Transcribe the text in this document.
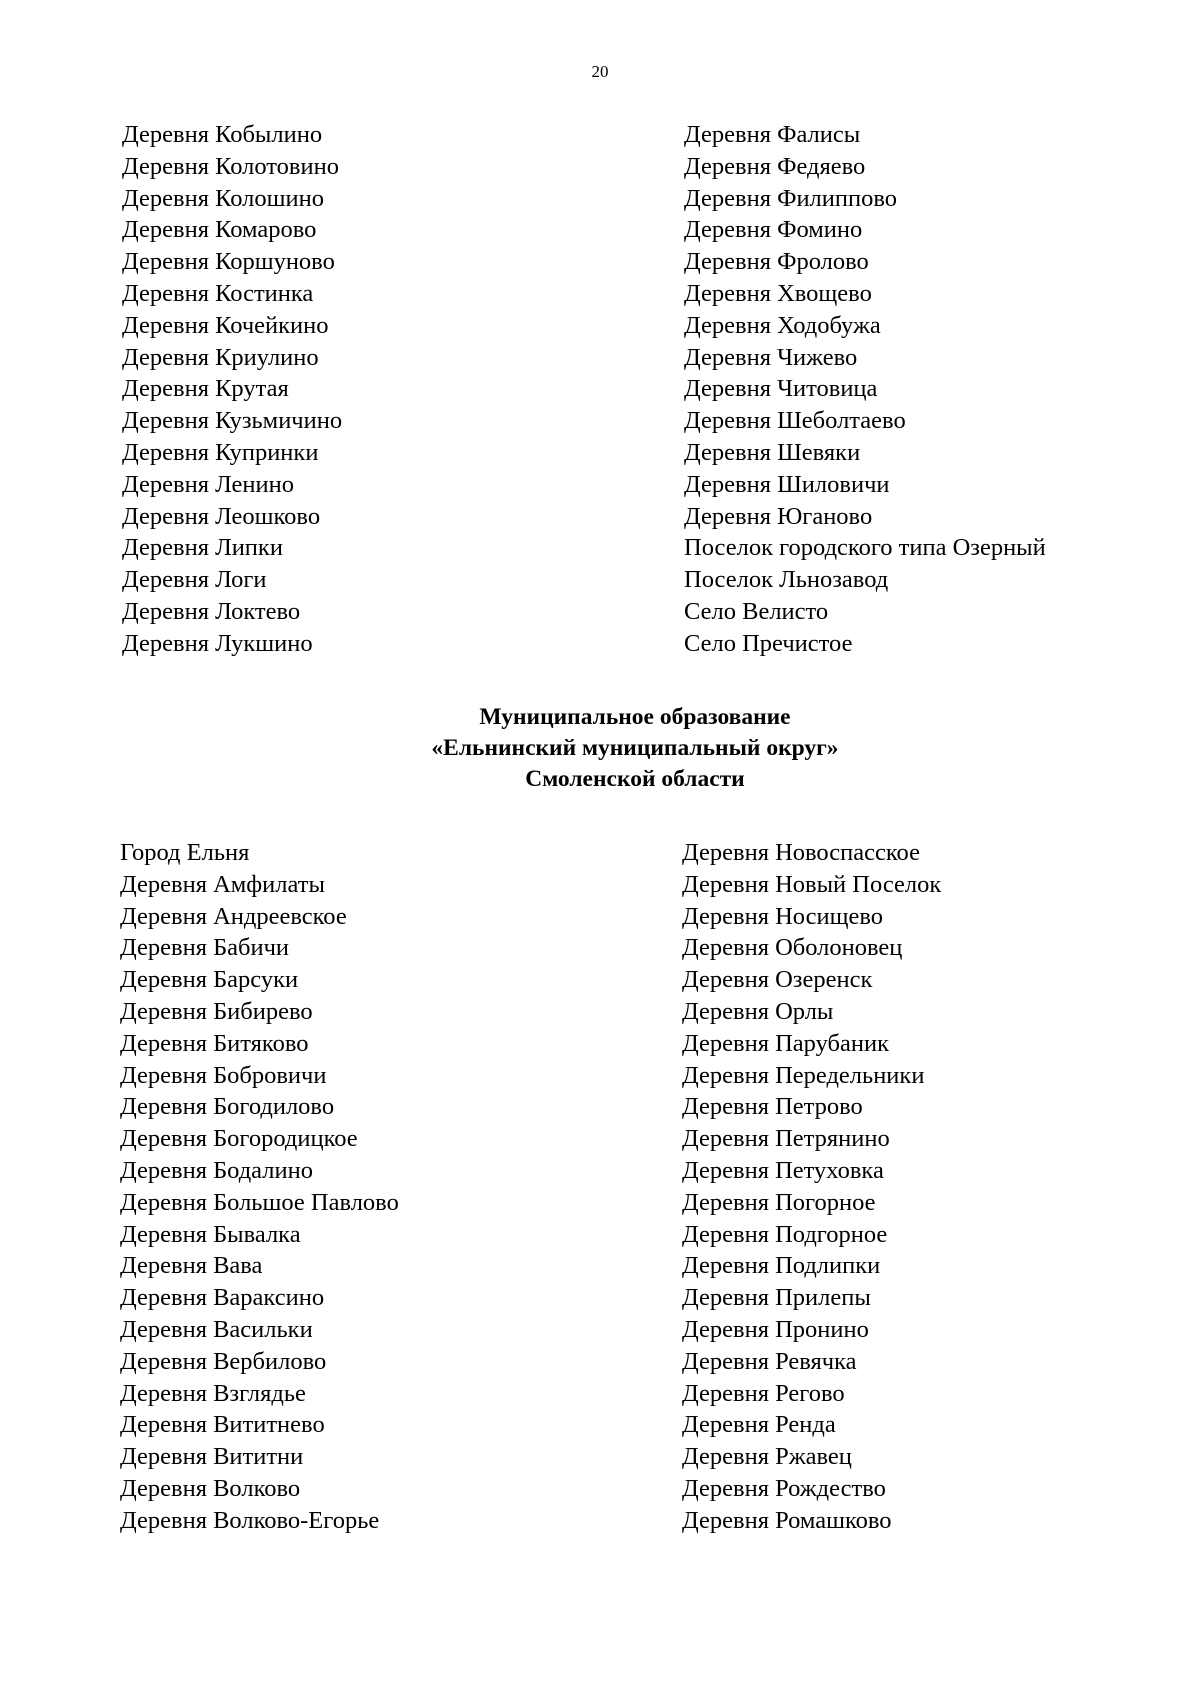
20
Деревня Кобылино
Деревня Колотовино
Деревня Колошино
Деревня Комарово
Деревня Коршуново
Деревня Костинка
Деревня Кочейкино
Деревня Криулино
Деревня Крутая
Деревня Кузьмичино
Деревня Купринки
Деревня Ленино
Деревня Леошково
Деревня Липки
Деревня Логи
Деревня Локтево
Деревня Лукшино
Деревня Фалисы
Деревня Федяево
Деревня Филиппово
Деревня Фомино
Деревня Фролово
Деревня Хвощево
Деревня Ходобужа
Деревня Чижево
Деревня Читовица
Деревня Шеболтаево
Деревня Шевяки
Деревня Шиловичи
Деревня Юганово
Поселок городского типа Озерный
Поселок Льнозавод
Село Велисто
Село Пречистое
Муниципальное образование
«Ельнинский муниципальный округ»
Смоленской области
Город Ельня
Деревня Амфилаты
Деревня Андреевское
Деревня Бабичи
Деревня Барсуки
Деревня Бибирево
Деревня Битяково
Деревня Бобровичи
Деревня Богодилово
Деревня Богородицкое
Деревня Бодалино
Деревня Большое Павлово
Деревня Бывалка
Деревня Вава
Деревня Вараксино
Деревня Васильки
Деревня Вербилово
Деревня Взглядье
Деревня Вититнево
Деревня Вититни
Деревня Волково
Деревня Волково-Егорье
Деревня Новоспасское
Деревня Новый Поселок
Деревня Носищево
Деревня Оболоновец
Деревня Озеренск
Деревня Орлы
Деревня Парубаник
Деревня Передельники
Деревня Петрово
Деревня Петрянино
Деревня Петуховка
Деревня Погорное
Деревня Подгорное
Деревня Подлипки
Деревня Прилепы
Деревня Пронино
Деревня Ревячка
Деревня Регово
Деревня Ренда
Деревня Ржавец
Деревня Рождество
Деревня Ромашково
